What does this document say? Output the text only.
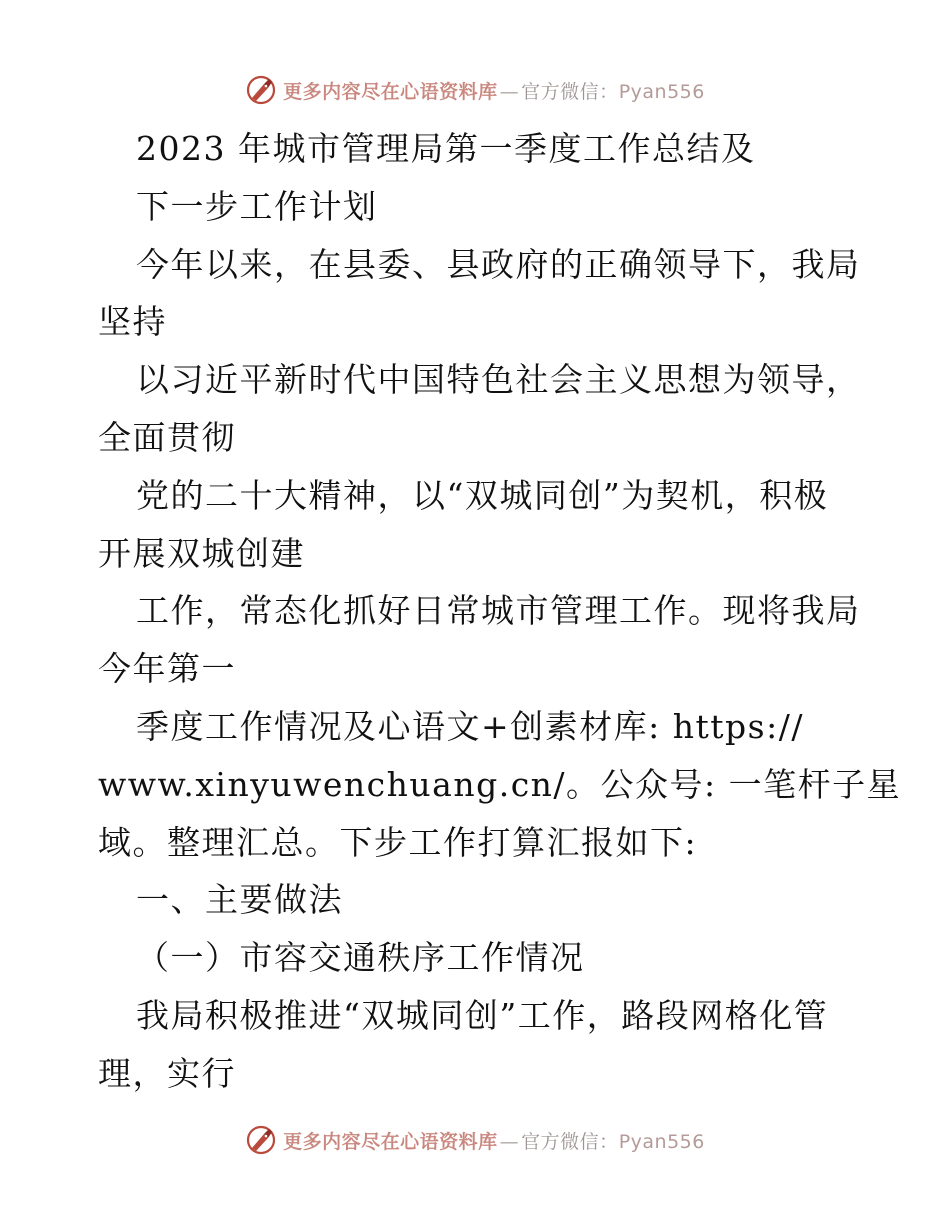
更多内容尽在心语资料库 — 官方微信：Pyan556
2023 年城市管理局第一季度工作总结及
下一步工作计划
今年以来，在县委、县政府的正确领导下，我局
坚持
以习近平新时代中国特色社会主义思想为领导，
全面贯彻
党的二十大精神，以“双城同创”为契机，积极
开展双城创建
工作，常态化抓好日常城市管理工作。现将我局
今年第一
季度工作情况及心语文+创素材库: https://
www.xinyuwenchuang.cn/。公众号: 一笔杆子星
域。整理汇总。下步工作打算汇报如下:
一、主要做法
（一）市容交通秩序工作情况
我局积极推进“双城同创”工作，路段网格化管
理，实行
更多内容尽在心语资料库 — 官方微信：Pyan556
